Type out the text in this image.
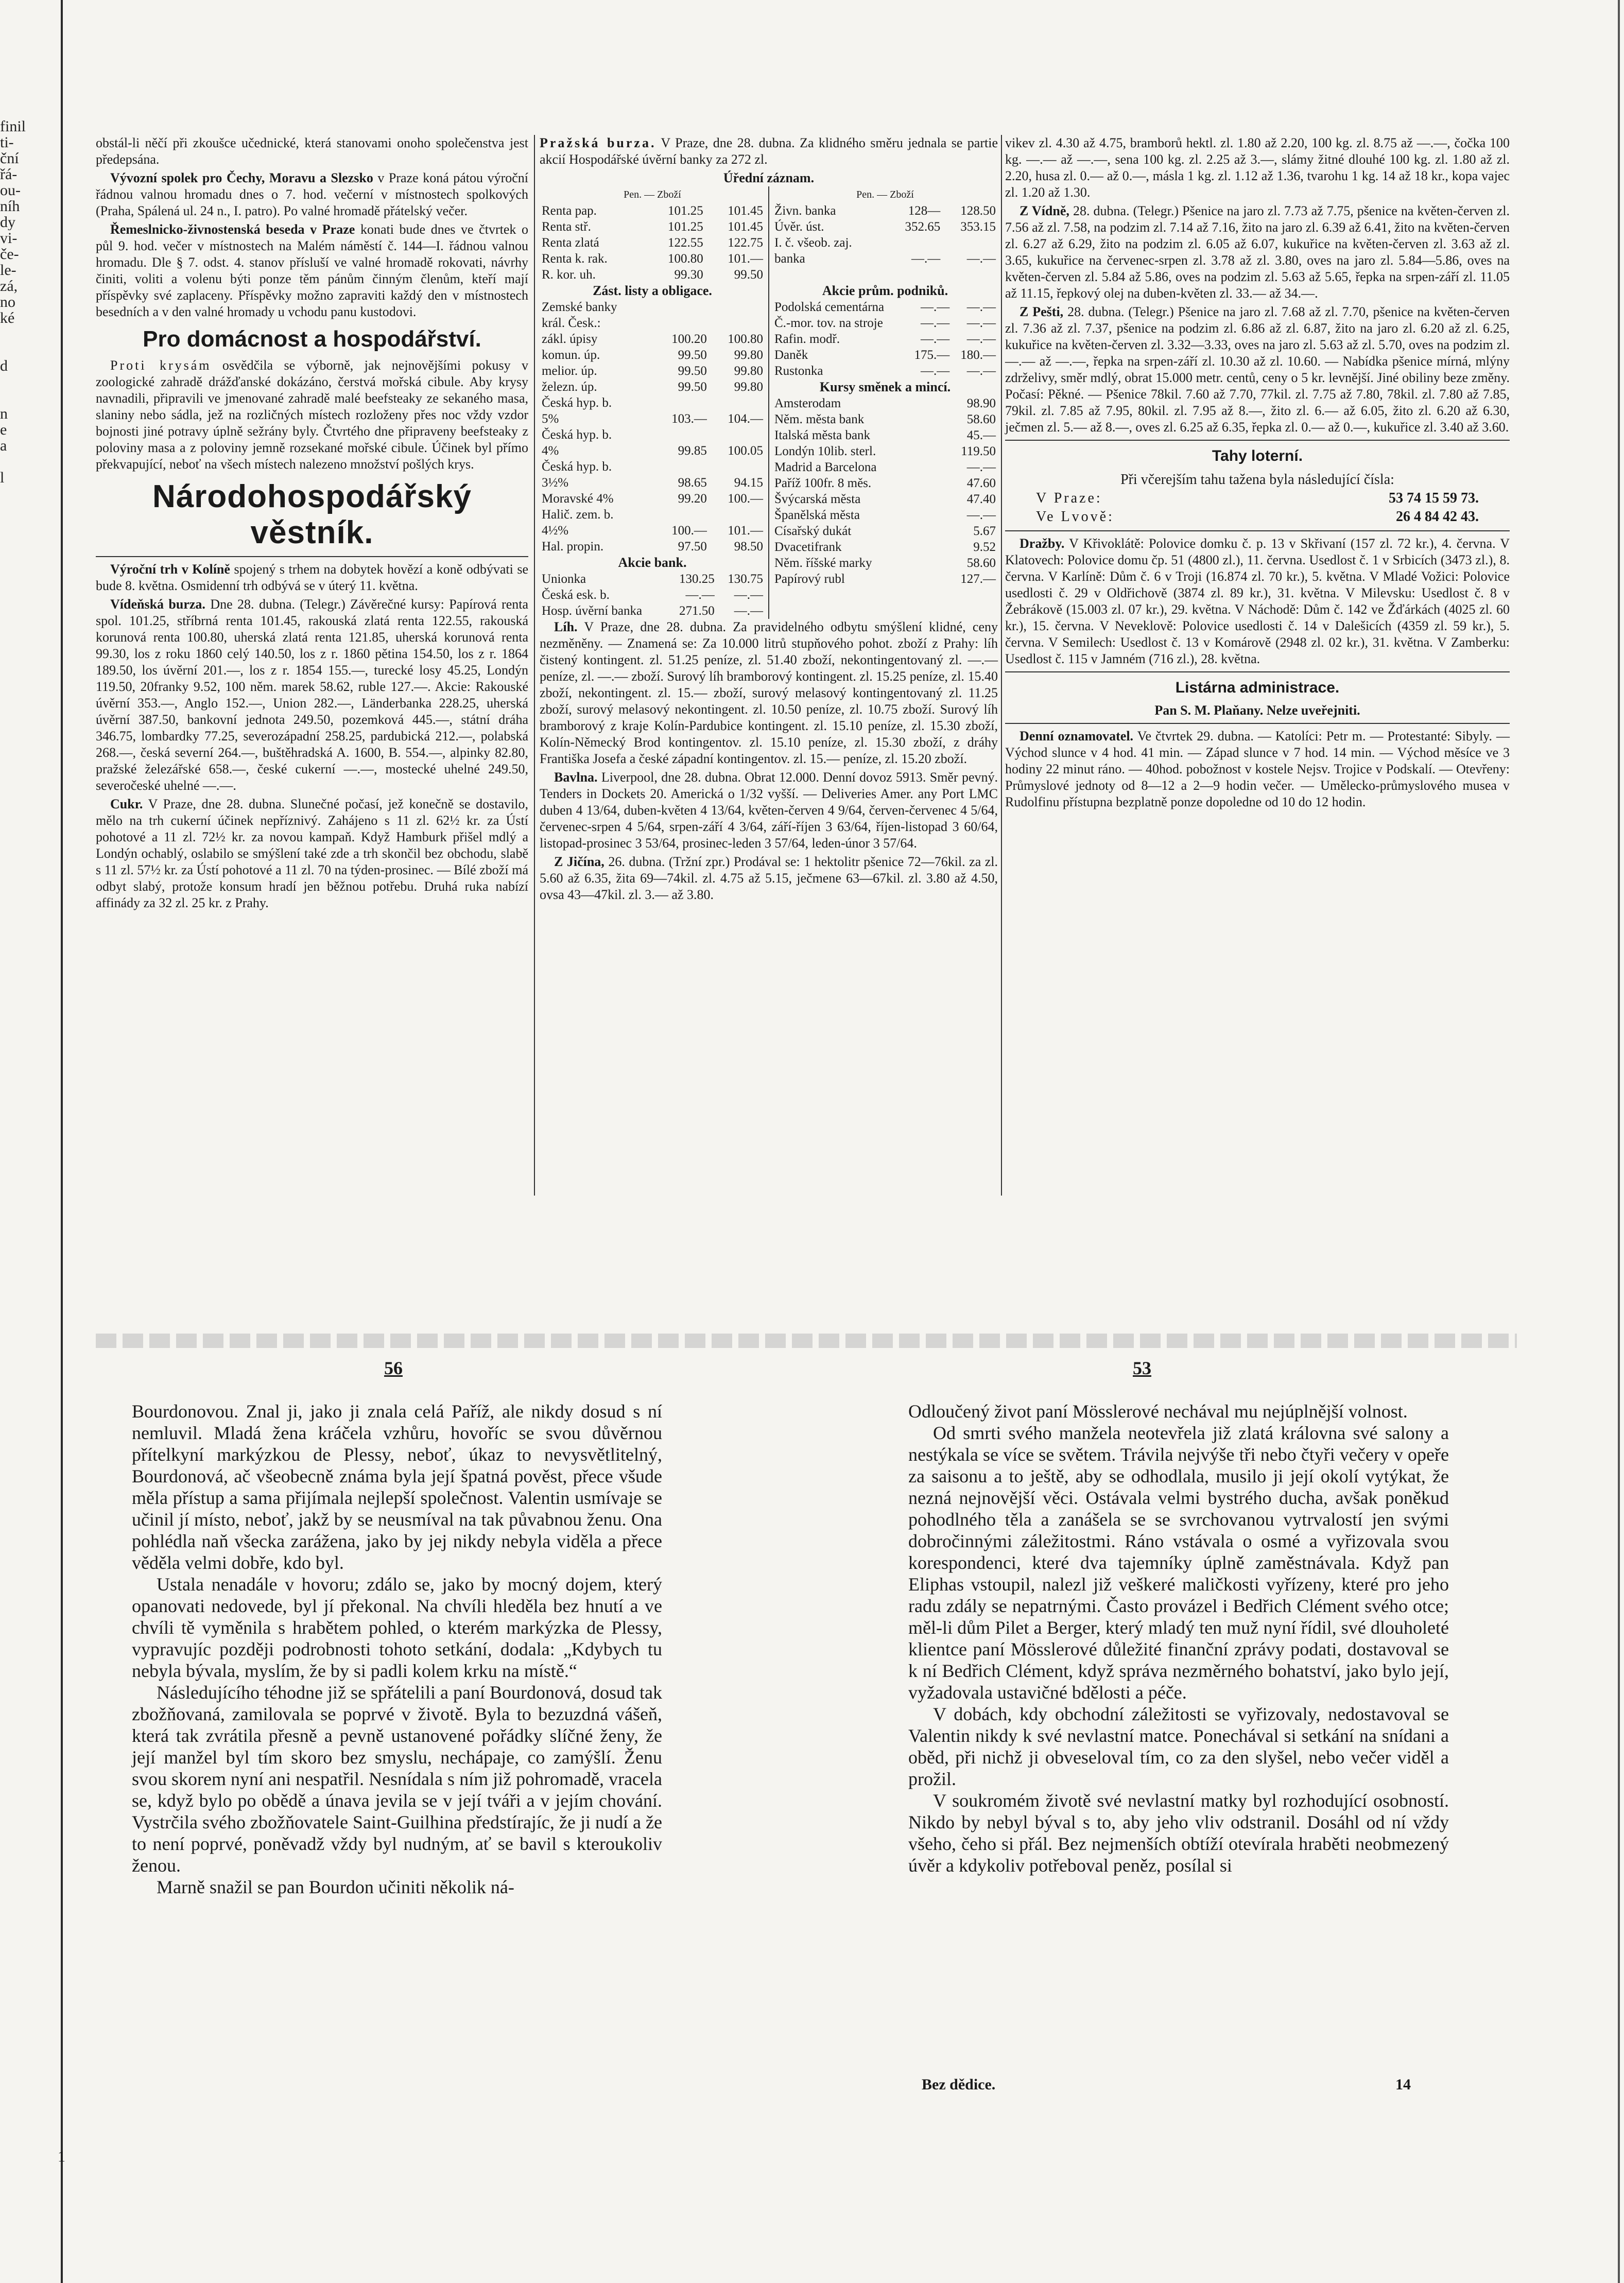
finil
ti-
ční
řá-
ou-
níh
dy
vi-
če-
le-
zá,
no
ké
d
n
e
a
l

obstál-li něčí při zkoušce učednické, která stanovami onoho společenstva jest předepsána.

Vývozní spolek pro Čechy, Moravu a Slezsko v Praze koná pátou výroční řádnou valnou hromadu dnes o 7. hod. večerní v místnostech spolkových (Praha, Spálená ul. 24 n., I. patro). Po valné hromadě přátelský večer.

Řemeslnicko-živnostenská beseda v Praze konati bude dnes ve čtvrtek o půl 9. hod. večer v místnostech na Malém náměstí č. 144—I. řádnou valnou hromadu. Dle § 7. odst. 4. stanov přísluší ve valné hromadě rokovati, návrhy činiti, voliti a volenu býti ponze těm pánům činným členům, kteří mají příspěvky své zaplaceny. Příspěvky možno zapraviti každý den v místnostech besedních a v den valné hromady u vchodu panu kustodovi.

Pro domácnost a hospodářství.

Proti krysám osvědčila se výborně, jak nejnovějšími pokusy v zoologické zahradě drážďanské dokázáno, čerstvá mořská cibule. Aby krysy navnadili, připravili ve jmenované zahradě malé beefsteaky ze sekaného masa, slaniny nebo sádla, jež na rozličných místech rozloženy přes noc vždy vzdor bojnosti jiné potravy úplně sežrány byly. Čtvrtého dne připraveny beefsteaky z poloviny masa a z poloviny jemně rozsekané mořské cibule. Účinek byl přímo překvapující, neboť na všech místech nalezeno množství pošlých krys.

Národohospodářský věstník.

Výroční trh v Kolíně spojený s trhem na dobytek hovězí a koně odbývati se bude 8. května. Osmidenní trh odbývá se v úterý 11. května.

Vídeňská burza. Dne 28. dubna. (Telegr.) Závěrečné kursy: Papírová renta spol. 101.25, stříbrná renta 101.45, rakouská zlatá renta 122.55, rakouská korunová renta 100.80, uherská zlatá renta 121.85, uherská korunová renta 99.30, los z roku 1860 celý 140.50, los z r. 1860 pětina 154.50, los z r. 1864 189.50, los úvěrní 201.—, los z r. 1854 155.—, turecké losy 45.25, Londýn 119.50, 20franky 9.52, 100 něm. marek 58.62, ruble 127.—. Akcie: Rakouské úvěrní 353.—, Anglo 152.—, Union 282.—, Länderbanka 228.25, uherská úvěrní 387.50, bankovní jednota 249.50, pozemková 445.—, státní dráha 346.75, lombardky 77.25, severozápadní 258.25, pardubická 212.—, polabská 268.—, česká severní 264.—, buštěhradská A. 1600, B. 554.—, alpinky 82.80, pražské železářské 658.—, české cukerní —.—, mostecké uhelné 249.50, severočeské uhelné —.—.

Cukr. V Praze, dne 28. dubna. Slunečné počasí, jež konečně se dostavilo, mělo na trh cukerní účinek nepříznivý. Zahájeno s 11 zl. 62½ kr. za Ústí pohotové a 11 zl. 72½ kr. za novou kampaň. Když Hamburk přišel mdlý a Londýn ochablý, oslabilo se smýšlení také zde a trh skončil bez obchodu, slabě s 11 zl. 57½ kr. za Ústí pohotové a 11 zl. 70 na týden-prosinec. — Bílé zboží má odbyt slabý, protože konsum hradí jen běžnou potřebu. Druhá ruka nabízí affinády za 32 zl. 25 kr. z Prahy.

Pražská burza. V Praze, dne 28. dubna. Za klidného směru jednala se partie akcií Hospodářské úvěrní banky za 272 zl.

Úřední záznam.
Pen. — Zboží
Renta pap.	101.25	101.45
Renta stř.	101.25	101.45
Renta zlatá	122.55	122.75
Renta k. rak.	100.80	101.—
R. kor. uh.	99.30	99.50
Pen. — Zboží
Živn. banka	128—	128.50
Úvěr. úst.	352.65	353.15
I. č. všeob. zaj.		
banka	—.—	—.—

Zást. listy a obligace.
Zemské banky		
král. Česk.:		
zákl. úpisy	100.20	100.80
komun. úp.	99.50	99.80
melior. úp.	99.50	99.80
železn. úp.	99.50	99.80
Česká hyp. b.		
5%	103.—	104.—
Česká hyp. b.		
4%	99.85	100.05
Česká hyp. b.		
3½%	98.65	94.15
Moravské 4%	99.20	100.—
Halič. zem. b.		
4½%	100.—	101.—
Hal. propin.	97.50	98.50
Akcie bank.
Unionka	130.25	130.75
Česká esk. b.	—.—	—.—
Hosp. úvěrní banka	271.50	—.—
Akcie prům. podniků.
Podolská cementárna	—.—	—.—
Č.-mor. tov. na stroje	—.—	—.—
Rafin. modř.	—.—	—.—
Daněk	175.—	180.—
Rustonka	—.—	—.—
Kursy směnek a mincí.
Amsterodam	98.90
Něm. města bank	58.60
Italská města bank	45.—
Londýn 10lib. sterl.	119.50
Madrid a Barcelona	—.—
Paříž 100fr. 8 měs.	47.60
Švýcarská města	47.40
Španělská města	—.—
Císařský dukát	5.67
Dvacetifrank	9.52
Něm. říšské marky	58.60
Papírový rubl	127.—

Líh. V Praze, dne 28. dubna. Za pravidelného odbytu smýšlení klidné, ceny nezměněny. — Znamená se: Za 10.000 litrů stupňového pohot. zboží z Prahy: líh čistený kontingent. zl. 51.25 peníze, zl. 51.40 zboží, nekontingentovaný zl. —.— peníze, zl. —.— zboží. Surový líh bramborový kontingent. zl. 15.25 peníze, zl. 15.40 zboží, nekontingent. zl. 15.— zboží, surový melasový kontingentovaný zl. 11.25 zboží, surový melasový nekontingent. zl. 10.50 peníze, zl. 10.75 zboží. Surový líh bramborový z kraje Kolín-Pardubice kontingent. zl. 15.10 peníze, zl. 15.30 zboží, Kolín-Německý Brod kontingentov. zl. 15.10 peníze, zl. 15.30 zboží, z dráhy Františka Josefa a české západní kontingentov. zl. 15.— peníze, zl. 15.20 zboží.

Bavlna. Liverpool, dne 28. dubna. Obrat 12.000. Denní dovoz 5913. Směr pevný. Tenders in Dockets 20. Americká o 1/32 vyšší. — Deliveries Amer. any Port LMC duben 4 13/64, duben-květen 4 13/64, květen-červen 4 9/64, červen-červenec 4 5/64, červenec-srpen 4 5/64, srpen-září 4 3/64, září-říjen 3 63/64, říjen-listopad 3 60/64, listopad-prosinec 3 53/64, prosinec-leden 3 57/64, leden-únor 3 57/64.

Z Jičína, 26. dubna. (Tržní zpr.) Prodával se: 1 hektolitr pšenice 72—76kil. za zl. 5.60 až 6.35, žita 69—74kil. zl. 4.75 až 5.15, ječmene 63—67kil. zl. 3.80 až 4.50, ovsa 43—47kil. zl. 3.— až 3.80.

vikev zl. 4.30 až 4.75, bramborů hektl. zl. 1.80 až 2.20, 100 kg. zl. 8.75 až —.—, čočka 100 kg. —.— až —.—, sena 100 kg. zl. 2.25 až 3.—, slámy žitné dlouhé 100 kg. zl. 1.80 až zl. 2.20, husa zl. 0.— až 0.—, másla 1 kg. zl. 1.12 až 1.36, tvarohu 1 kg. 14 až 18 kr., kopa vajec zl. 1.20 až 1.30.

Z Vídně, 28. dubna. (Telegr.) Pšenice na jaro zl. 7.73 až 7.75, pšenice na květen-červen zl. 7.56 až zl. 7.58, na podzim zl. 7.14 až 7.16, žito na jaro zl. 6.39 až 6.41, žito na květen-červen zl. 6.27 až 6.29, žito na podzim zl. 6.05 až 6.07, kukuřice na květen-červen zl. 3.63 až zl. 3.65, kukuřice na červenec-srpen zl. 3.78 až zl. 3.80, oves na jaro zl. 5.84—5.86, oves na květen-červen zl. 5.84 až 5.86, oves na podzim zl. 5.63 až 5.65, řepka na srpen-září zl. 11.05 až 11.15, řepkový olej na duben-květen zl. 33.— až 34.—.

Z Pešti, 28. dubna. (Telegr.) Pšenice na jaro zl. 7.68 až zl. 7.70, pšenice na květen-červen zl. 7.36 až zl. 7.37, pšenice na podzim zl. 6.86 až zl. 6.87, žito na jaro zl. 6.20 až zl. 6.25, kukuřice na květen-červen zl. 3.32—3.33, oves na jaro zl. 5.63 až zl. 5.70, oves na podzim zl. —.— až —.—, řepka na srpen-září zl. 10.30 až zl. 10.60. — Nabídka pšenice mírná, mlýny zdrželivy, směr mdlý, obrat 15.000 metr. centů, ceny o 5 kr. levnější. Jiné obiliny beze změny. Počasí: Pěkné. — Pšenice 78kil. 7.60 až 7.70, 77kil. zl. 7.75 až 7.80, 78kil. zl. 7.80 až 7.85, 79kil. zl. 7.85 až 7.95, 80kil. zl. 7.95 až 8.—, žito zl. 6.— až 6.05, žito zl. 6.20 až 6.30, ječmen zl. 5.— až 8.—, oves zl. 6.25 až 6.35, řepka zl. 0.— až 0.—, kukuřice zl. 3.40 až 3.60.

Tahy loterní.
Při včerejším tahu tažena byla následující čísla:
V Praze:	53 74 15 59 73.
Ve Lvově:	26 4 84 42 43.

Dražby. V Křivoklátě: Polovice domku č. p. 13 v Skřivaní (157 zl. 72 kr.), 4. června. V Klatovech: Polovice domu čp. 51 (4800 zl.), 11. června. Usedlost č. 1 v Srbicích (3473 zl.), 8. června. V Karlíně: Dům č. 6 v Troji (16.874 zl. 70 kr.), 5. května. V Mladé Vožici: Polovice usedlosti č. 29 v Oldřichově (3874 zl. 89 kr.), 31. května. V Milevsku: Usedlost č. 8 v Žebrákově (15.003 zl. 07 kr.), 29. května. V Náchodě: Dům č. 142 ve Žďárkách (4025 zl. 60 kr.), 15. června. V Neveklově: Polovice usedlosti č. 14 v Dalešicích (4359 zl. 59 kr.), 5. června. V Semilech: Usedlost č. 13 v Komárově (2948 zl. 02 kr.), 31. května. V Zamberku: Usedlost č. 115 v Jamném (716 zl.), 28. května.

Listárna administrace.
Pan S. M. Plaňany. Nelze uveřejniti.

Denní oznamovatel. Ve čtvrtek 29. dubna. — Katolíci: Petr m. — Protestanté: Sibyly. — Východ slunce v 4 hod. 41 min. — Západ slunce v 7 hod. 14 min. — Východ měsíce ve 3 hodiny 22 minut ráno. — 40hod. pobožnost v kostele Nejsv. Trojice v Podskalí. — Otevřeny: Průmyslové jednoty od 8—12 a 2—9 hodin večer. — Umělecko-průmyslového musea v Rudolfinu přístupna bezplatně ponze dopoledne od 10 do 12 hodin.

56	53

Bourdonovou. Znal ji, jako ji znala celá Paříž, ale nikdy dosud s ní nemluvil. Mladá žena kráčela vzhůru, hovoříc se svou důvěrnou přítelkyní markýzkou de Plessy, neboť, úkaz to nevysvětlitelný, Bourdonová, ač všeobecně známa byla její špatná pověst, přece všude měla přístup a sama přijímala nejlepší společnost. Valentin usmívaje se učinil jí místo, neboť, jakž by se neusmíval na tak půvabnou ženu. Ona pohlédla naň všecka zarážena, jako by jej nikdy nebyla viděla a přece věděla velmi dobře, kdo byl.

Ustala nenadále v hovoru; zdálo se, jako by mocný dojem, který opanovati nedovede, byl jí překonal. Na chvíli hleděla bez hnutí a ve chvíli tě vyměnila s hrabětem pohled, o kterém markýzka de Plessy, vypravujíc později podrobnosti tohoto setkání, dodala: „Kdybych tu nebyla bývala, myslím, že by si padli kolem krku na místě.“

Následujícího téhodne již se spřátelili a paní Bourdonová, dosud tak zbožňovaná, zamilovala se poprvé v životě. Byla to bezuzdná vášeň, která tak zvrátila přesně a pevně ustanovené pořádky slíčné ženy, že její manžel byl tím skoro bez smyslu, nechápaje, co zamýšlí. Ženu svou skorem nyní ani nespatřil. Nesnídala s ním již pohromadě, vracela se, když bylo po obědě a únava jevila se v její tváři a v jejím chování. Vystrčila svého zbožňovatele Saint-Guilhina předstírajíc, že ji nudí a že to není poprvé, poněvadž vždy byl nudným, ať se bavil s kteroukoliv ženou.

Marně snažil se pan Bourdon učiniti několik ná-

Odloučený život paní Mösslerové nechával mu nejúplnější volnost.

Od smrti svého manžela neotevřela již zlatá královna své salony a nestýkala se více se světem. Trávila nejvýše tři nebo čtyři večery v opeře za saisonu a to ještě, aby se odhodlala, musilo ji její okolí vytýkat, že nezná nejnovější věci. Ostávala velmi bystrého ducha, avšak poněkud pohodlného těla a zanášela se se svrchovanou vytrvalostí jen svými dobročinnými záležitostmi. Ráno vstávala o osmé a vyřizovala svou korespondenci, které dva tajemníky úplně zaměstnávala. Když pan Eliphas vstoupil, nalezl již veškeré maličkosti vyřízeny, které pro jeho radu zdály se nepatrnými. Často provázel i Bedřich Clément svého otce; měl-li dům Pilet a Berger, který mladý ten muž nyní řídil, své dlouholeté klientce paní Mösslerové důležité finanční zprávy podati, dostavoval se k ní Bedřich Clément, když správa nezměrného bohatství, jako bylo její, vyžadovala ustavičné bdělosti a péče.

V dobách, kdy obchodní záležitosti se vyřizovaly, nedostavoval se Valentin nikdy k své nevlastní matce. Ponechával si setkání na snídani a oběd, při nichž ji obveseloval tím, co za den slyšel, nebo večer viděl a prožil.

V soukromém životě své nevlastní matky byl rozhodující osobností. Nikdo by nebyl býval s to, aby jeho vliv odstranil. Dosáhl od ní vždy všeho, čeho si přál. Bez nejmenších obtíží otevírala hraběti neobmezený úvěr a kdykoliv potřeboval peněz, posílal si

Bez dědice.	14
1
